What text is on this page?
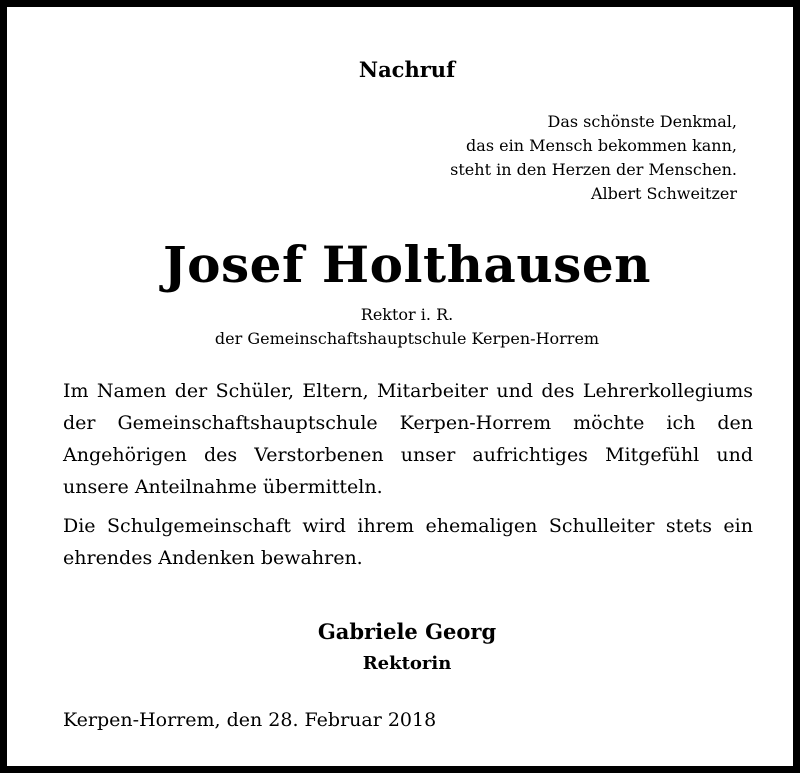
Nachruf
Das schönste Denkmal,
das ein Mensch bekommen kann,
steht in den Herzen der Menschen.
Albert Schweitzer
Josef Holthausen
Rektor i. R.
der Gemeinschaftshauptschule Kerpen-Horrem

Im Namen der Schüler, Eltern, Mitarbeiter und des Lehrerkollegiums der Gemeinschaftshauptschule Kerpen-Horrem möchte ich den Angehörigen des Verstorbenen unser aufrichtiges Mitgefühl und unsere Anteilnahme übermitteln.

Die Schulgemeinschaft wird ihrem ehemaligen Schulleiter stets ein ehrendes Andenken bewahren.

Gabriele Georg
Rektorin
Kerpen-Horrem, den 28. Februar 2018
